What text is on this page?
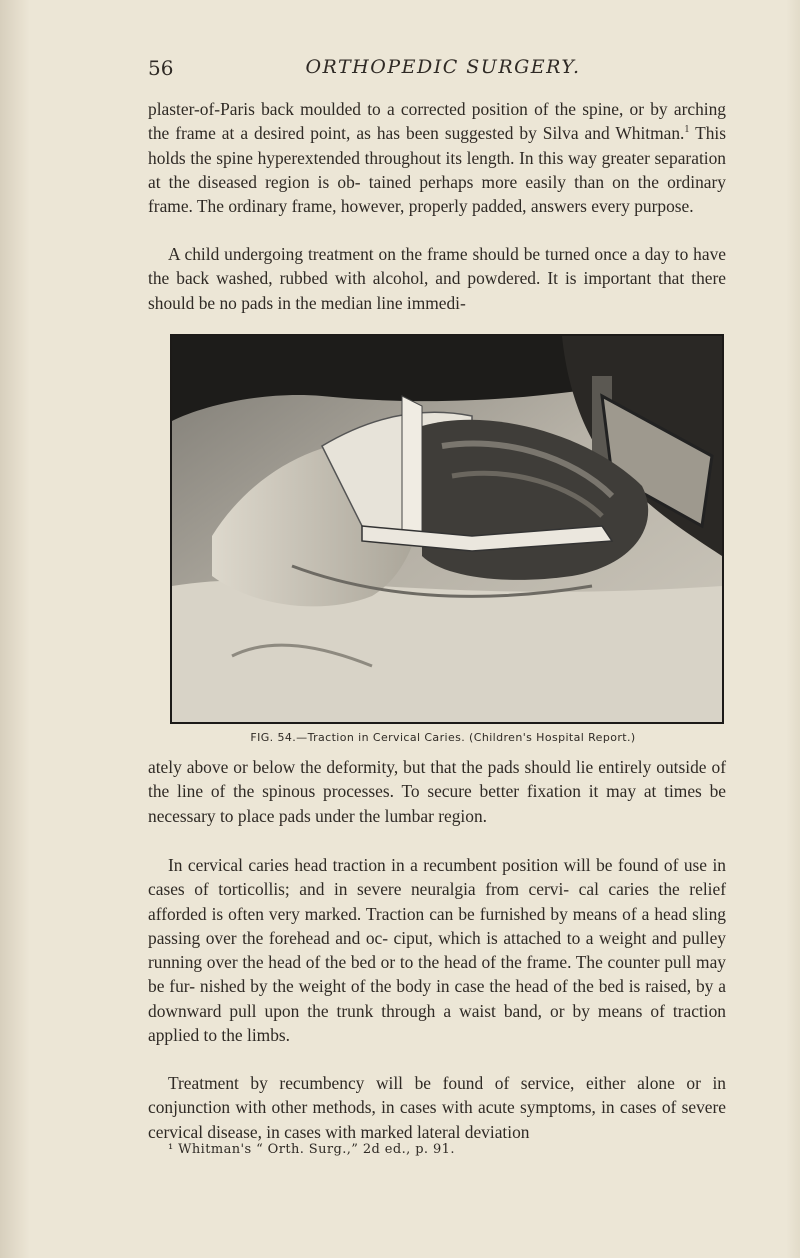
56	ORTHOPEDIC SURGERY.

plaster-of-Paris back moulded to a corrected position of the spine, or by arching the frame at a desired point, as has been suggested by Silva and Whitman.$^1$ This holds the spine hyperextended throughout its length. In this way greater separation at the diseased region is ob- tained perhaps more easily than on the ordinary frame. The ordinary frame, however, properly padded, answers every purpose.

A child undergoing treatment on the frame should be turned once a day to have the back washed, rubbed with alcohol, and powdered. It is important that there should be no pads in the median line immedi-

FIG. 54.—Traction in Cervical Caries. (Children's Hospital Report.)

ately above or below the deformity, but that the pads should lie entirely outside of the line of the spinous processes. To secure better fixation it may at times be necessary to place pads under the lumbar region.

In cervical caries head traction in a recumbent position will be found of use in cases of torticollis; and in severe neuralgia from cervi- cal caries the relief afforded is often very marked. Traction can be furnished by means of a head sling passing over the forehead and oc- ciput, which is attached to a weight and pulley running over the head of the bed or to the head of the frame. The counter pull may be fur- nished by the weight of the body in case the head of the bed is raised, by a downward pull upon the trunk through a waist band, or by means of traction applied to the limbs.

Treatment by recumbency will be found of service, either alone or in conjunction with other methods, in cases with acute symptoms, in cases of severe cervical disease, in cases with marked lateral deviation

¹ Whitman's “ Orth. Surg.,” 2d ed., p. 91.
